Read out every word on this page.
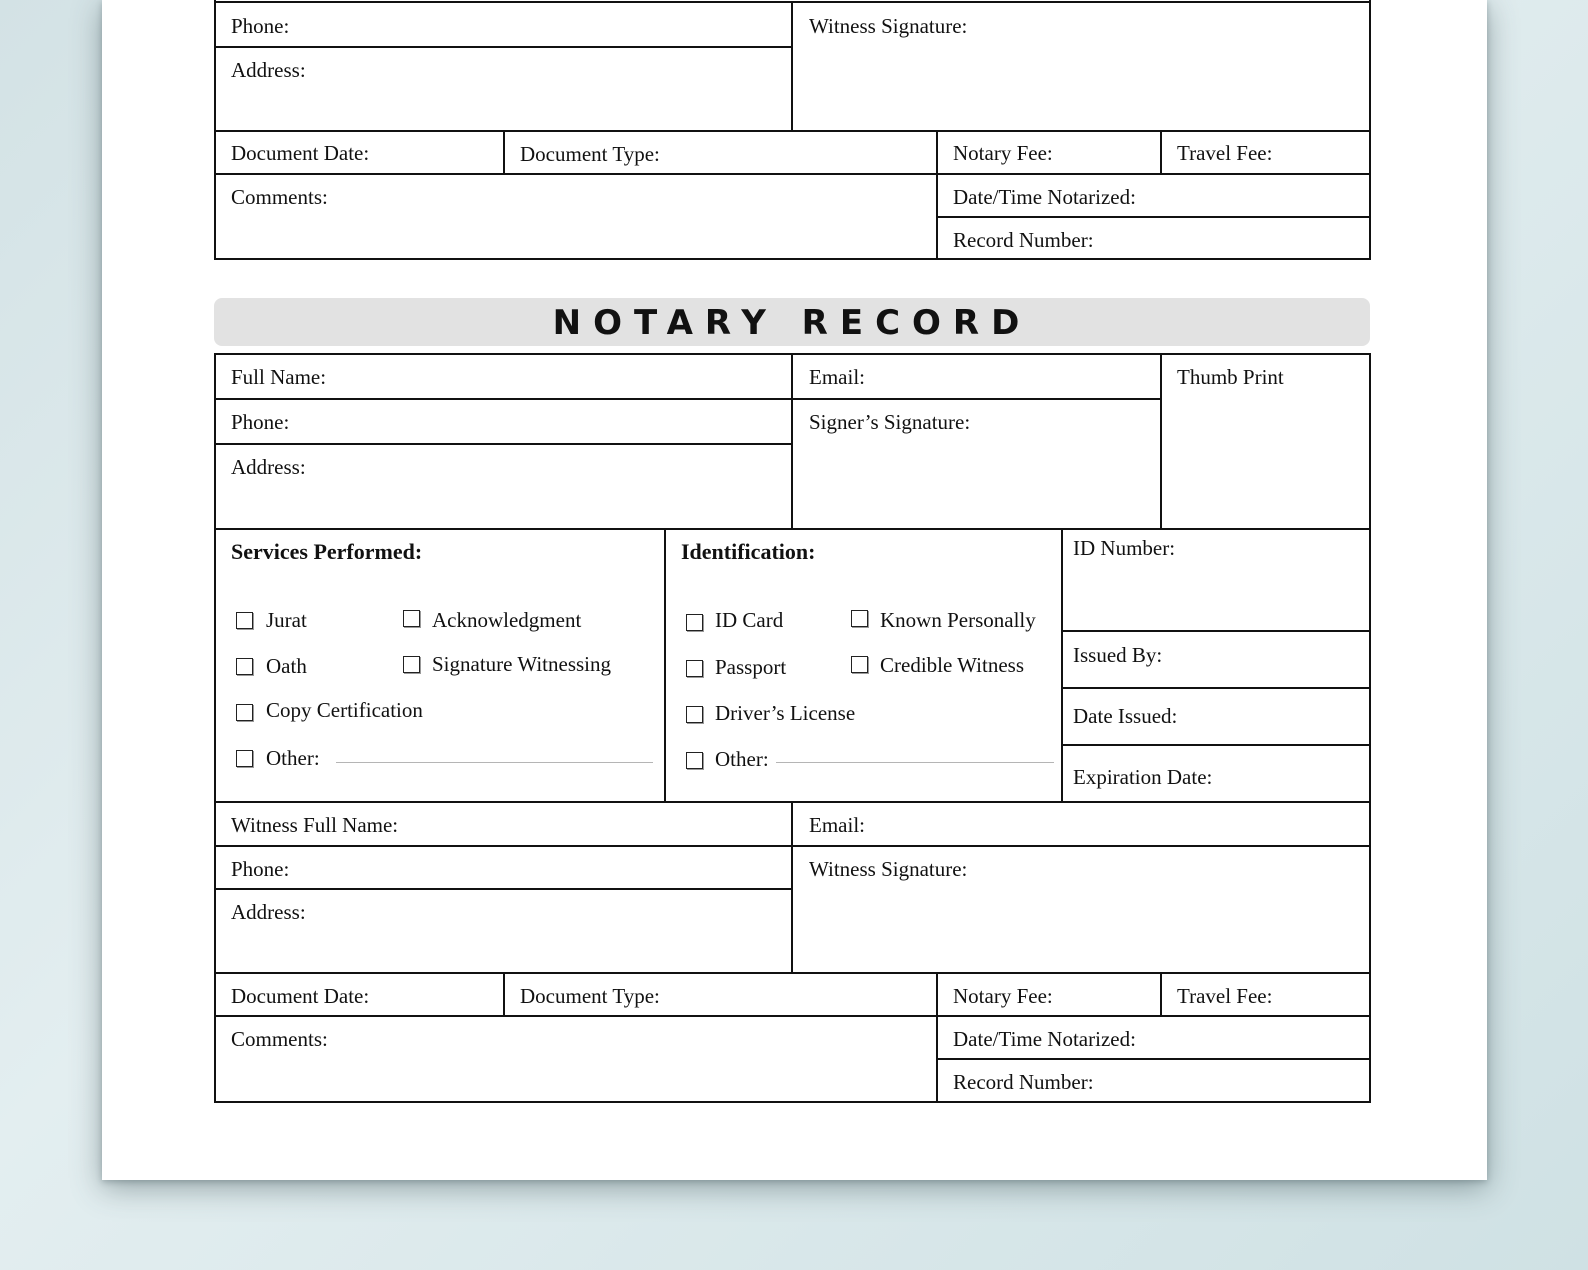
Phone:	Witness Signature:
Address:
Document Date:	Document Type:	Notary Fee:	Travel Fee:
Comments:	Date/Time Notarized:
Record Number:
NOTARY RECORD
Full Name:	Email:	Thumb Print
Phone:	Signer’s Signature:
Address:
Services Performed:
Jurat	Acknowledgment
Oath	Signature Witnessing
Copy Certification
Other:
Identification:
ID Card	Known Personally
Passport	Credible Witness
Driver’s License
Other:
ID Number:
Issued By:
Date Issued:
Expiration Date:
Witness Full Name:	Email:
Phone:	Witness Signature:
Address:
Document Date:	Document Type:	Notary Fee:	Travel Fee:
Comments:	Date/Time Notarized:
Record Number:
